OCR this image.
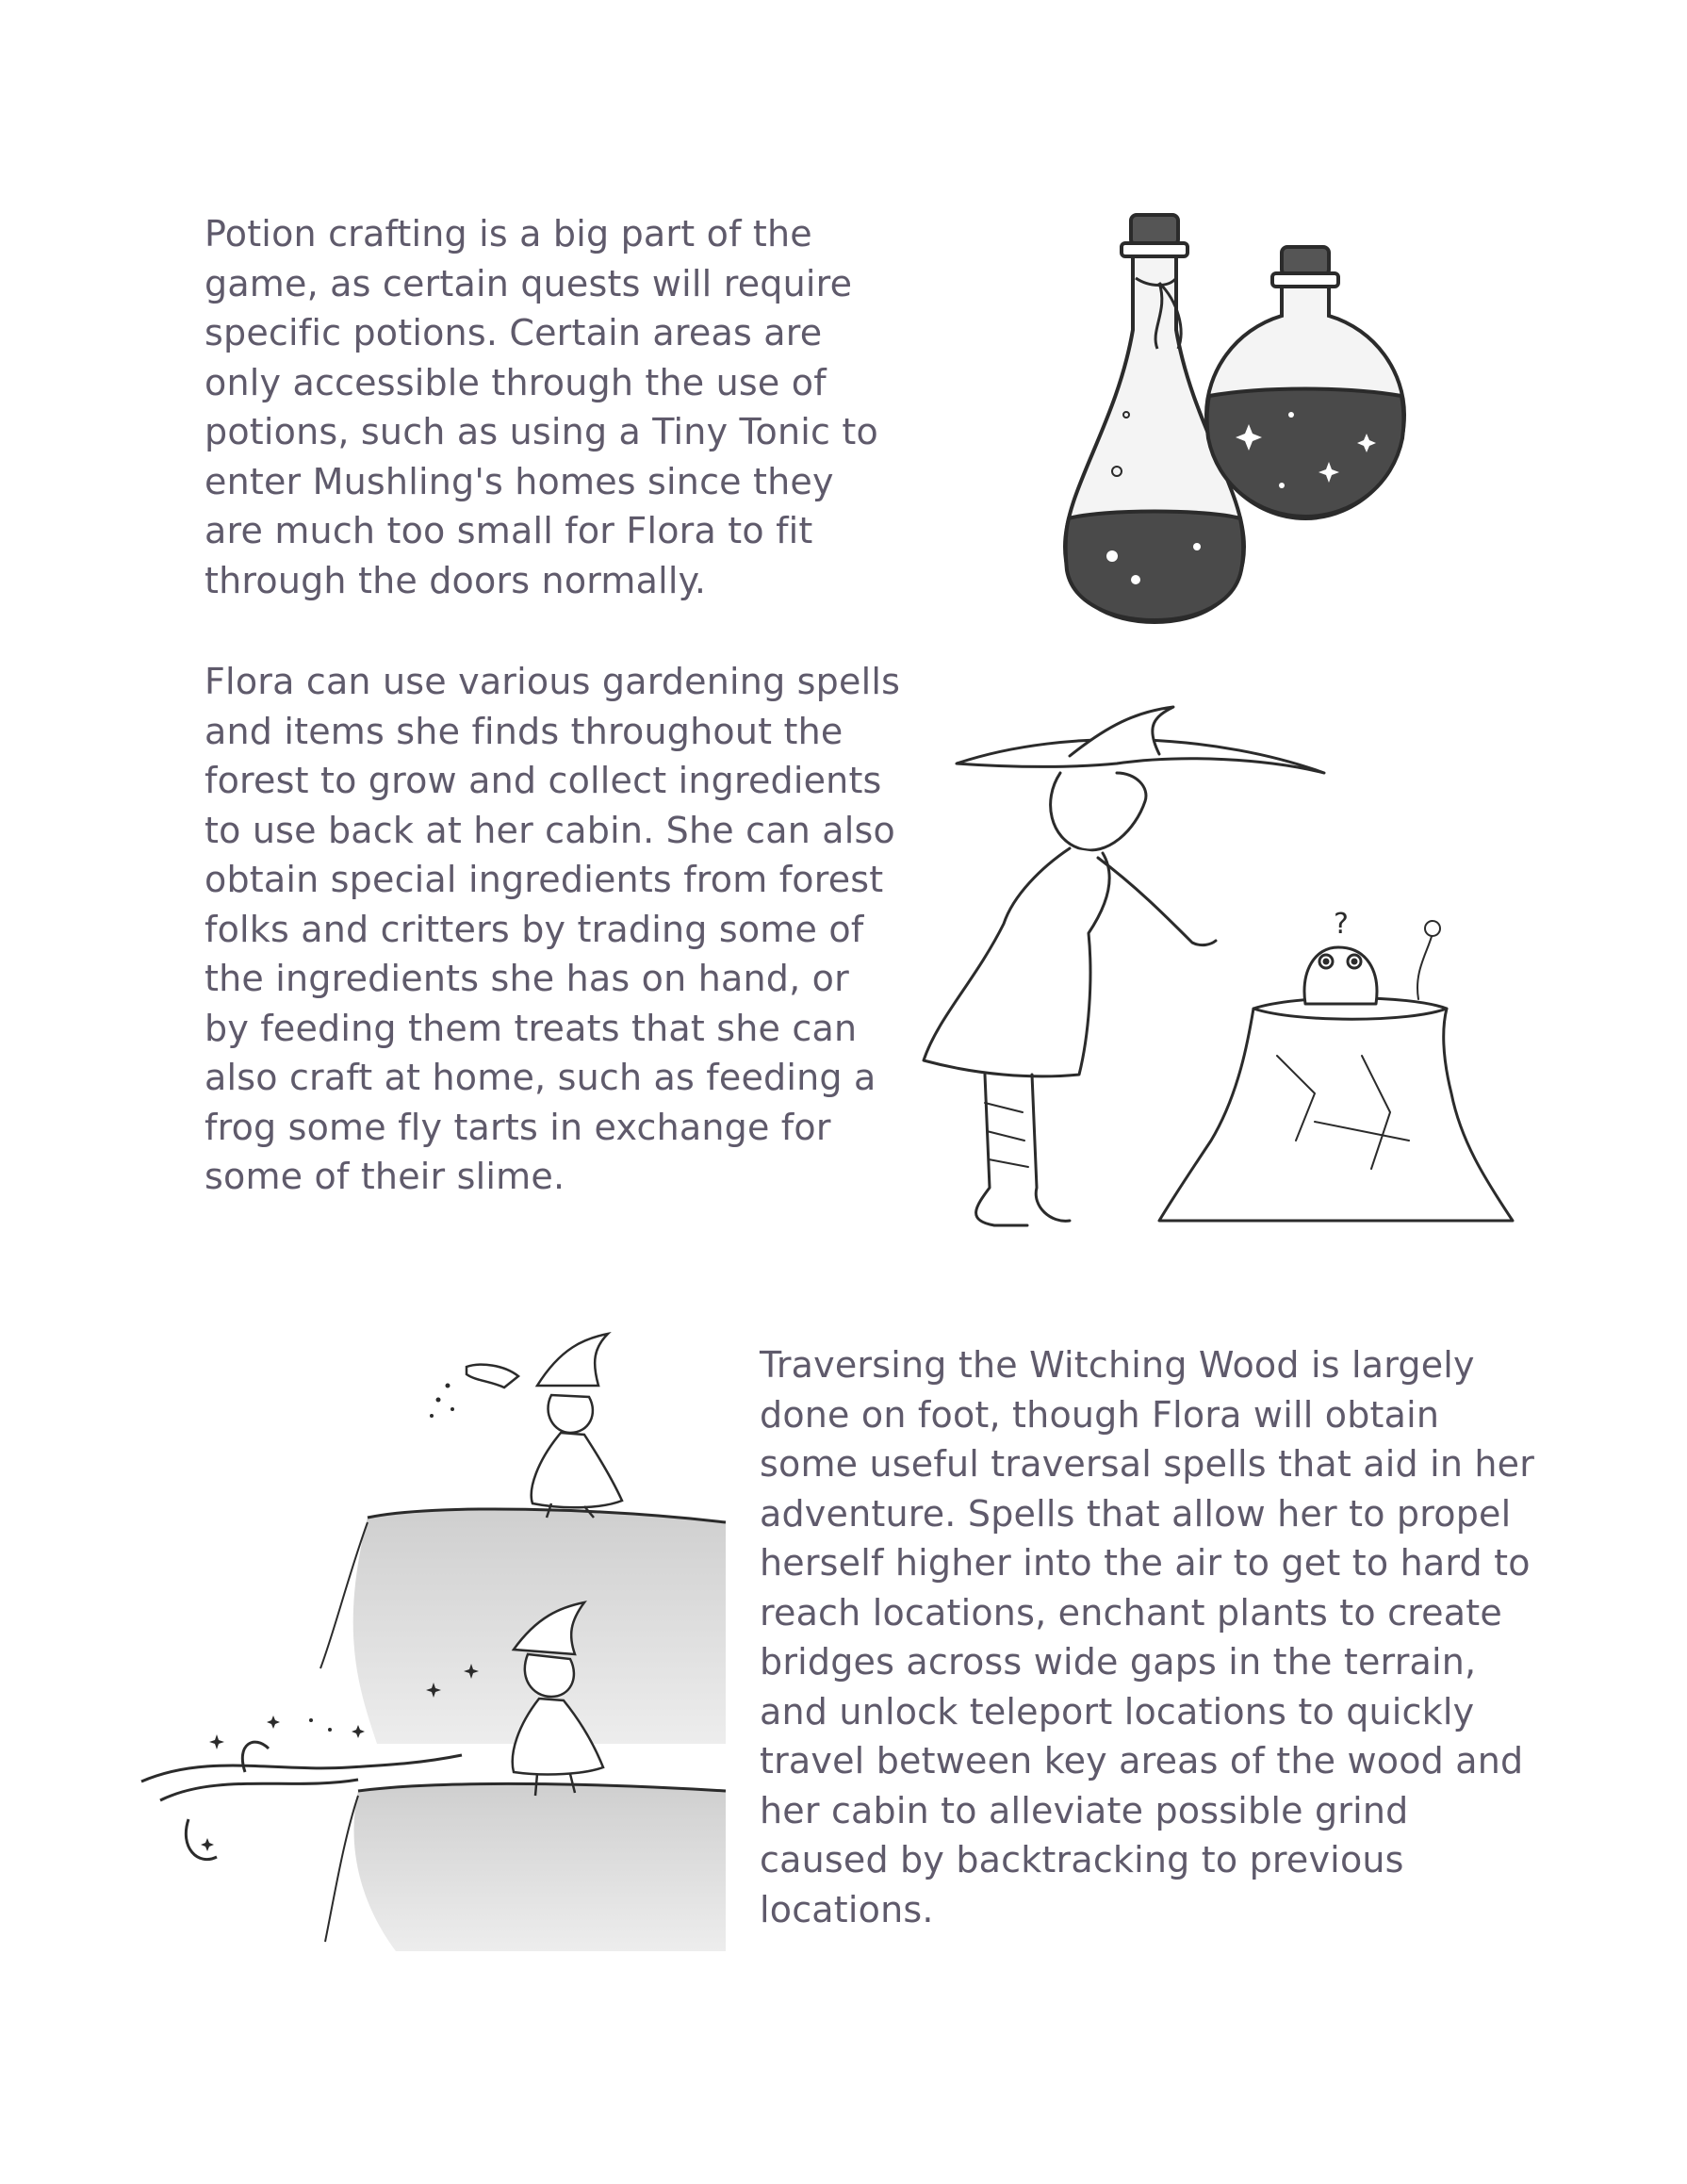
Potion crafting is a big part of the
game, as certain quests will require
specific potions. Certain areas are
only accessible through the use of
potions, such as using a Tiny Tonic to
enter Mushling's homes since they
are much too small for Flora to fit
through the doors normally.

Flora can use various gardening spells
and items she finds throughout the
forest to grow and collect ingredients
to use back at her cabin. She can also
obtain special ingredients from forest
folks and critters by trading some of
the ingredients she has on hand, or
by feeding them treats that she can
also craft at home, such as feeding a
frog some fly tarts in exchange for
some of their slime.

Traversing the Witching Wood is largely
done on foot, though Flora will obtain
some useful traversal spells that aid in her
adventure. Spells that allow her to propel
herself higher into the air to get to hard to
reach locations, enchant plants to create
bridges across wide gaps in the terrain,
and unlock teleport locations to quickly
travel between key areas of the wood and
her cabin to alleviate possible grind
caused by backtracking to previous
locations.

?
